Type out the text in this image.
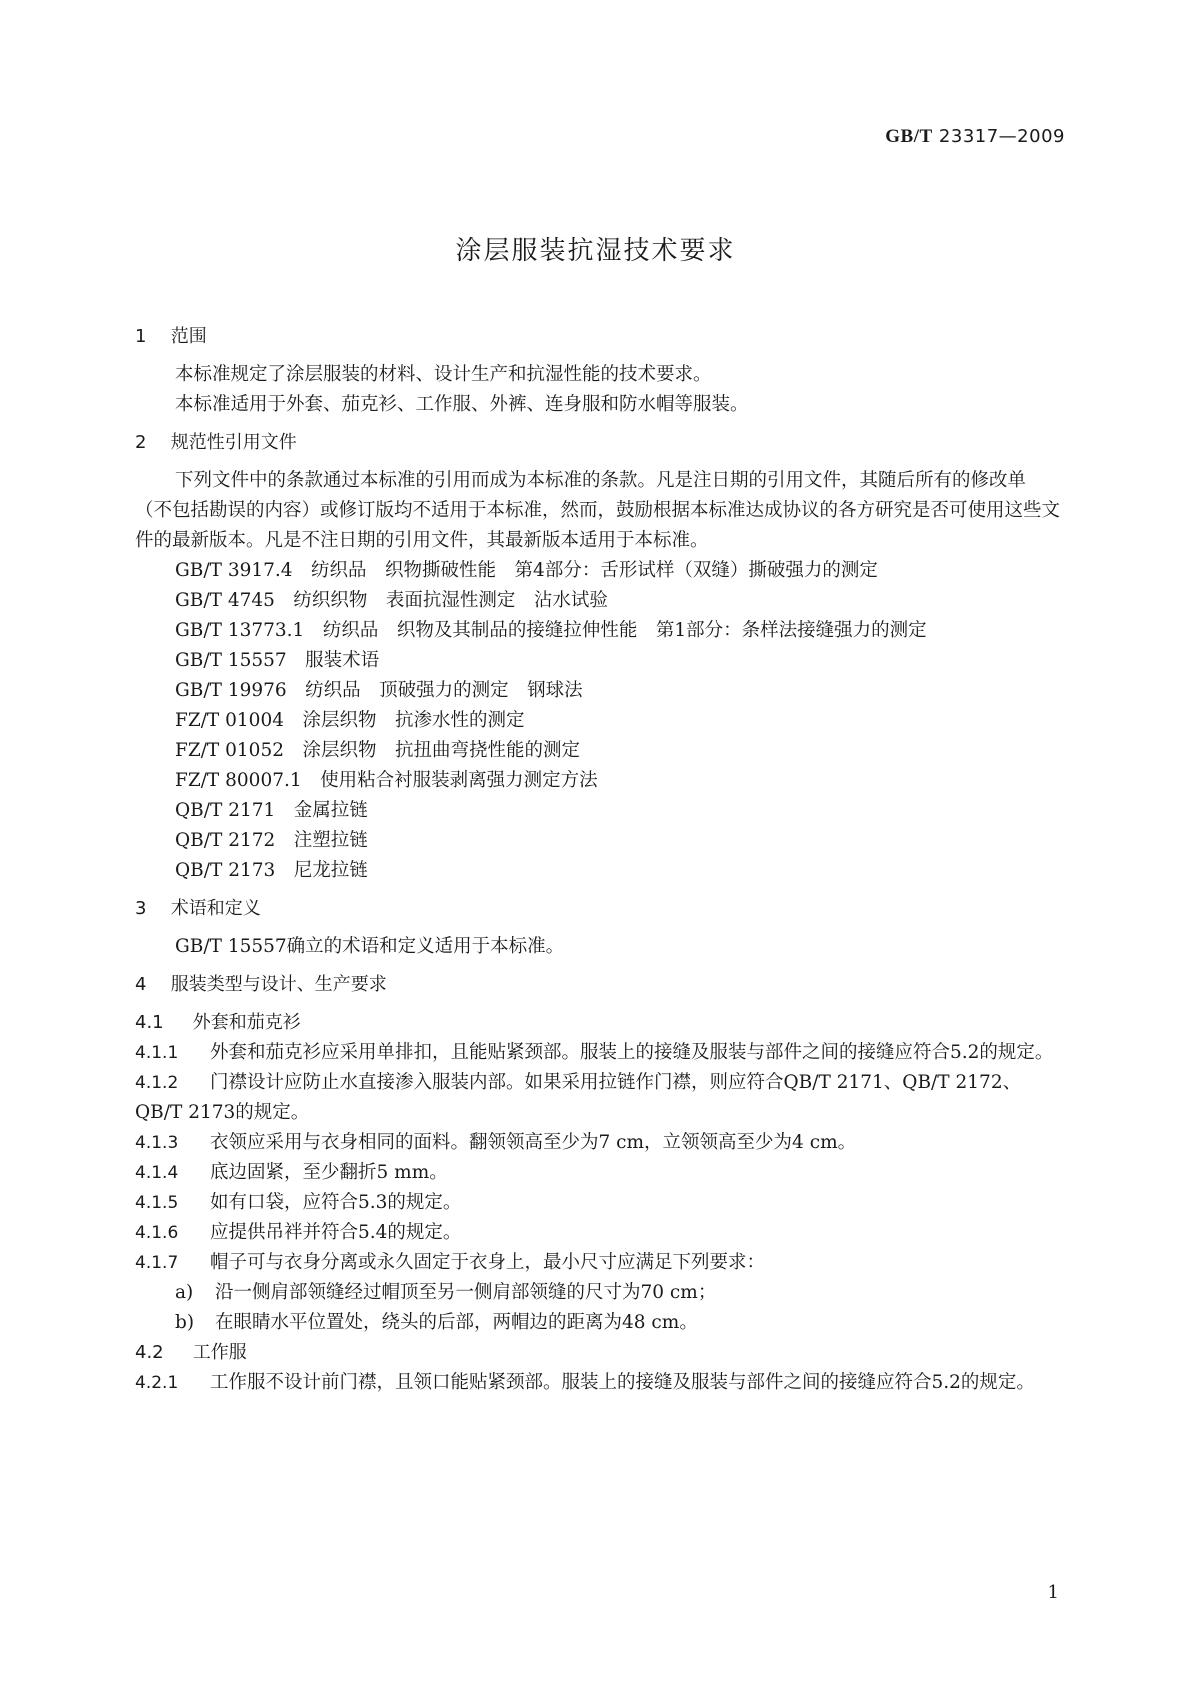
GB/T 23317—2009
涂层服装抗湿技术要求
1 范围

本标准规定了涂层服装的材料、设计生产和抗湿性能的技术要求。

本标准适用于外套、茄克衫、工作服、外裤、连身服和防水帽等服装。

2 规范性引用文件

下列文件中的条款通过本标准的引用而成为本标准的条款。凡是注日期的引用文件，其随后所有的修改单（不包括勘误的内容）或修订版均不适用于本标准，然而，鼓励根据本标准达成协议的各方研究是否可使用这些文件的最新版本。凡是不注日期的引用文件，其最新版本适用于本标准。

GB/T 3917.4　纺织品　织物撕破性能　第4部分：舌形试样（双缝）撕破强力的测定
GB/T 4745　纺织织物　表面抗湿性测定　沾水试验
GB/T 13773.1　纺织品　织物及其制品的接缝拉伸性能　第1部分：条样法接缝强力的测定
GB/T 15557　服装术语
GB/T 19976　纺织品　顶破强力的测定　钢球法
FZ/T 01004　涂层织物　抗渗水性的测定
FZ/T 01052　涂层织物　抗扭曲弯挠性能的测定
FZ/T 80007.1　使用粘合衬服装剥离强力测定方法
QB/T 2171　金属拉链
QB/T 2172　注塑拉链
QB/T 2173　尼龙拉链
3 术语和定义

GB/T 15557确立的术语和定义适用于本标准。

4 服装类型与设计、生产要求
4.1 外套和茄克衫

4.1.1 外套和茄克衫应采用单排扣，且能贴紧颈部。服装上的接缝及服装与部件之间的接缝应符合5.2的规定。

4.1.2 门襟设计应防止水直接渗入服装内部。如果采用拉链作门襟，则应符合QB/T 2171、QB/T 2172、QB/T 2173的规定。

4.1.3 衣领应采用与衣身相同的面料。翻领领高至少为7 cm，立领领高至少为4 cm。

4.1.4 底边固紧，至少翻折5 mm。

4.1.5 如有口袋，应符合5.3的规定。

4.1.6 应提供吊袢并符合5.4的规定。

4.1.7 帽子可与衣身分离或永久固定于衣身上，最小尺寸应满足下列要求：

a) 沿一侧肩部领缝经过帽顶至另一侧肩部领缝的尺寸为70 cm；
b) 在眼睛水平位置处，绕头的后部，两帽边的距离为48 cm。
4.2 工作服

4.2.1 工作服不设计前门襟，且领口能贴紧颈部。服装上的接缝及服装与部件之间的接缝应符合5.2的规定。

1
